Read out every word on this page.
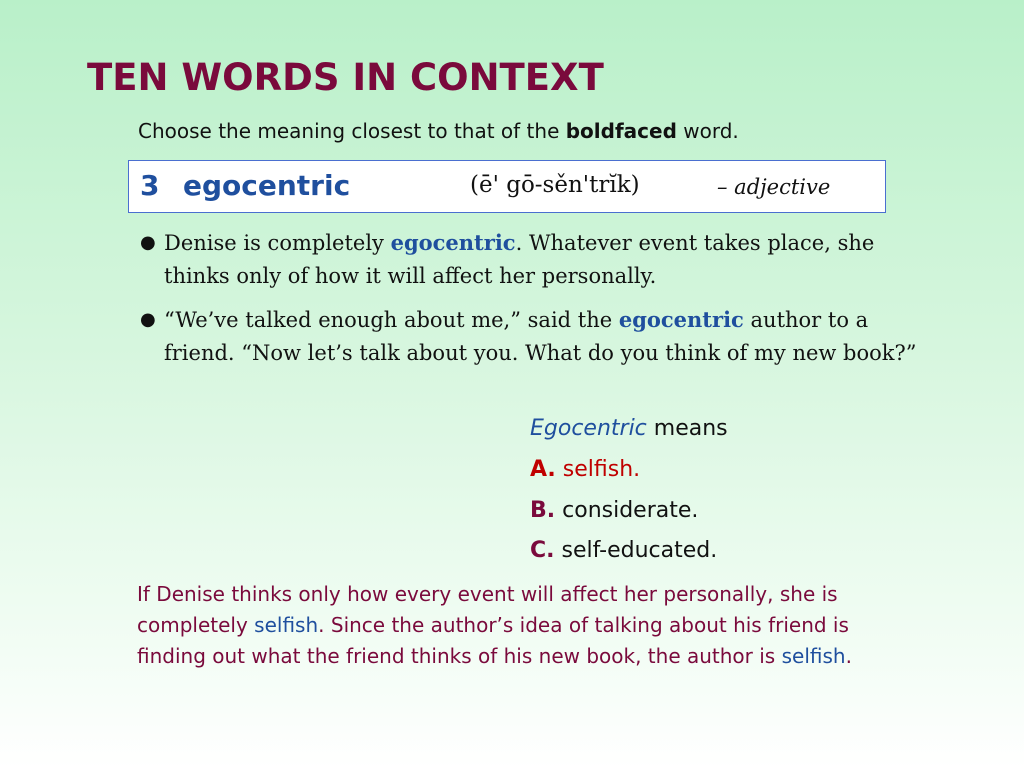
TEN WORDS IN CONTEXT
Choose the meaning closest to that of the boldfaced word.
3 egocentric	(ē' gō-sěn'trĭk)	– adjective
● Denise is completely egocentric. Whatever event takes place, she thinks only of how it will affect her personally.
● “We’ve talked enough about me,” said the egocentric author to a friend. “Now let’s talk about you. What do you think of my new book?”
Egocentric means
A. selfish.
B. considerate.
C. self-educated.
If Denise thinks only how every event will affect her personally, she is completely selfish. Since the author’s idea of talking about his friend is finding out what the friend thinks of his new book, the author is selfish.
